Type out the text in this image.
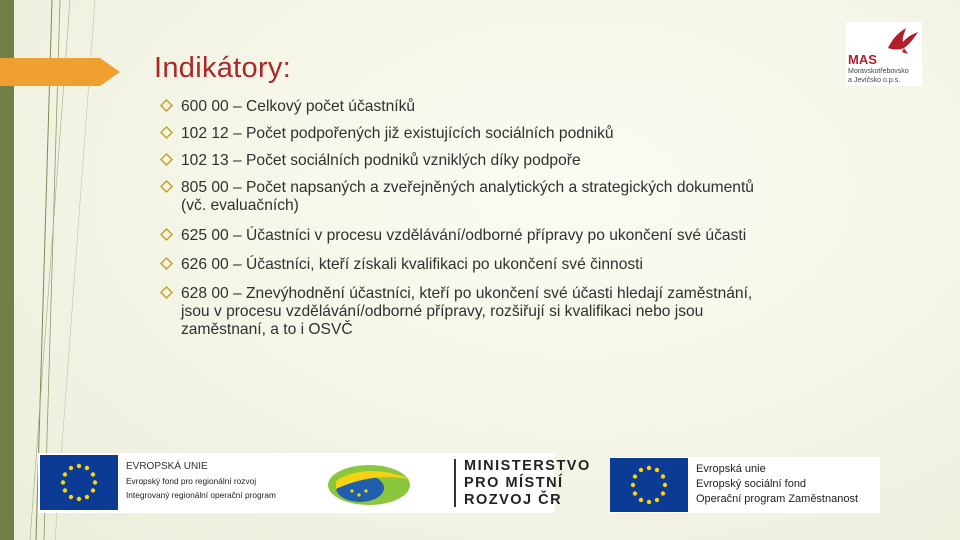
Indikátory:
600 00 – Celkový počet účastníků
102 12 – Počet podpořených již existujících sociálních podniků
102 13 – Počet sociálních podniků vzniklých díky podpoře
805 00 – Počet napsaných a zveřejněných analytických a strategických dokumentů
(vč. evaluačních)
625 00 – Účastníci v procesu vzdělávání/odborné přípravy po ukončení své účasti
626 00 – Účastníci, kteří získali kvalifikaci po ukončení své činnosti
628 00 – Znevýhodnění účastníci, kteří po ukončení své účasti hledají zaměstnání,
jsou v procesu vzdělávání/odborné přípravy, rozšiřují si kvalifikaci nebo jsou
zaměstnaní, a to i OSVČ
MAS
Moravskotřebovsko
a Jevíčsko o.p.s.
EVROPSKÁ UNIE
Evropský fond pro regionální rozvoj
Integrovaný regionální operační program
MINISTERSTVO
PRO MÍSTNÍ
ROZVOJ ČR
Evropská unie
Evropský sociální fond
Operační program Zaměstnanost
